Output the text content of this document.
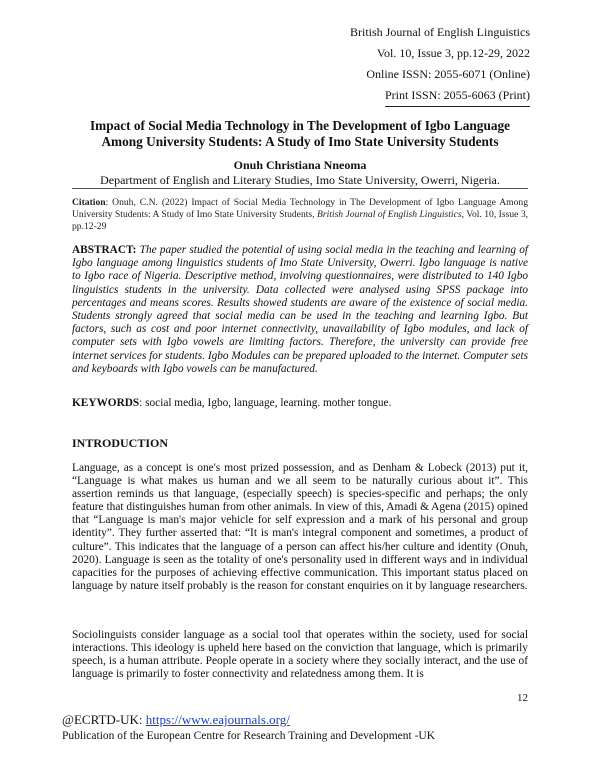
British Journal of English Linguistics
Vol. 10, Issue 3, pp.12-29, 2022
Online ISSN: 2055-6071 (Online)
Print ISSN: 2055-6063 (Print)
Impact of Social Media Technology in The Development of Igbo Language Among University Students: A Study of Imo State University Students
Onuh Christiana Nneoma
Department of English and Literary Studies, Imo State University, Owerri, Nigeria.
Citation: Onuh, C.N. (2022) Impact of Social Media Technology in The Development of Igbo Language Among University Students: A Study of Imo State University Students, British Journal of English Linguistics, Vol. 10, Issue 3, pp.12-29
ABSTRACT: The paper studied the potential of using social media in the teaching and learning of Igbo language among linguistics students of Imo State University, Owerri. Igbo language is native to Igbo race of Nigeria. Descriptive method, involving questionnaires, were distributed to 140 Igbo linguistics students in the university. Data collected were analysed using SPSS package into percentages and means scores. Results showed students are aware of the existence of social media. Students strongly agreed that social media can be used in the teaching and learning Igbo. But factors, such as cost and poor internet connectivity, unavailability of Igbo modules, and lack of computer sets with Igbo vowels are limiting factors. Therefore, the university can provide free internet services for students. Igbo Modules can be prepared uploaded to the internet. Computer sets and keyboards with Igbo vowels can be manufactured.
KEYWORDS: social media, Igbo, language, learning. mother tongue.
INTRODUCTION
Language, as a concept is one's most prized possession, and as Denham & Lobeck (2013) put it, “Language is what makes us human and we all seem to be naturally curious about it”. This assertion reminds us that language, (especially speech) is species-specific and perhaps; the only feature that distinguishes human from other animals. In view of this, Amadi & Agena (2015) opined that “Language is man's major vehicle for self expression and a mark of his personal and group identity”. They further asserted that: “It is man's integral component and sometimes, a product of culture”. This indicates that the language of a person can affect his/her culture and identity (Onuh, 2020). Language is seen as the totality of one's personality used in different ways and in individual capacities for the purposes of achieving effective communication. This important status placed on language by nature itself probably is the reason for constant enquiries on it by language researchers.
Sociolinguists consider language as a social tool that operates within the society, used for social interactions. This ideology is upheld here based on the conviction that language, which is primarily speech, is a human attribute. People operate in a society where they socially interact, and the use of language is primarily to foster connectivity and relatedness among them. It is
12
@ECRTD-UK: https://www.eajournals.org/
Publication of the European Centre for Research Training and Development -UK
